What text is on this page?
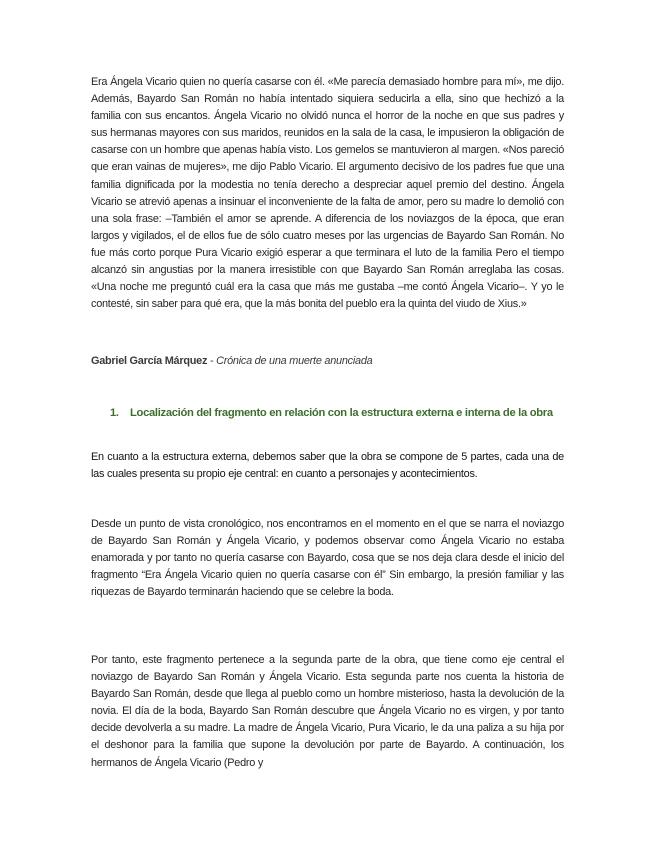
Era Ángela Vicario quien no quería casarse con él. «Me parecía demasiado hombre para mí», me dijo. Además, Bayardo San Román no había intentado siquiera seducirla a ella, sino que hechizó a la familia con sus encantos. Ángela Vicario no olvidó nunca el horror de la noche en que sus padres y sus hermanas mayores con sus maridos, reunidos en la sala de la casa, le impusieron la obligación de casarse con un hombre que apenas había visto. Los gemelos se mantuvieron al margen. «Nos pareció que eran vainas de mujeres», me dijo Pablo Vicario. El argumento decisivo de los padres fue que una familia dignificada por la modestia no tenía derecho a despreciar aquel premio del destino. Ángela Vicario se atrevió apenas a insinuar el inconveniente de la falta de amor, pero su madre lo demolió con una sola frase: –También el amor se aprende. A diferencia de los noviazgos de la época, que eran largos y vigilados, el de ellos fue de sólo cuatro meses por las urgencias de Bayardo San Román. No fue más corto porque Pura Vicario exigió esperar a que terminara el luto de la familia Pero el tiempo alcanzó sin angustias por la manera irresistible con que Bayardo San Román arreglaba las cosas. «Una noche me preguntó cuál era la casa que más me gustaba –me contó Ángela Vicario–. Y yo le contesté, sin saber para qué era, que la más bonita del pueblo era la quinta del viudo de Xius.»

Gabriel García Márquez - Crónica de una muerte anunciada

1.	Localización del fragmento en relación con la estructura externa e interna de la obra

En cuanto a la estructura externa, debemos saber que la obra se compone de 5 partes, cada una de las cuales presenta su propio eje central: en cuanto a personajes y acontecimientos.

Desde un punto de vista cronológico, nos encontramos en el momento en el que se narra el noviazgo de Bayardo San Román y Ángela Vicario, y podemos observar como Ángela Vicario no estaba enamorada y por tanto no quería casarse con Bayardo, cosa que se nos deja clara desde el inicio del fragmento “Era Ángela Vicario quien no quería casarse con él” Sin embargo, la presión familiar y las riquezas de Bayardo terminarán haciendo que se celebre la boda.

Por tanto, este fragmento pertenece a la segunda parte de la obra, que tiene como eje central el noviazgo de Bayardo San Román y Ángela Vicario. Esta segunda parte nos cuenta la historia de Bayardo San Román, desde que llega al pueblo como un hombre misterioso, hasta la devolución de la novia. El día de la boda, Bayardo San Román descubre que Ángela Vicario no es virgen, y por tanto decide devolverla a su madre. La madre de Ángela Vicario, Pura Vicario, le da una paliza a su hija por el deshonor para la familia que supone la devolución por parte de Bayardo. A continuación, los hermanos de Ángela Vicario (Pedro y
